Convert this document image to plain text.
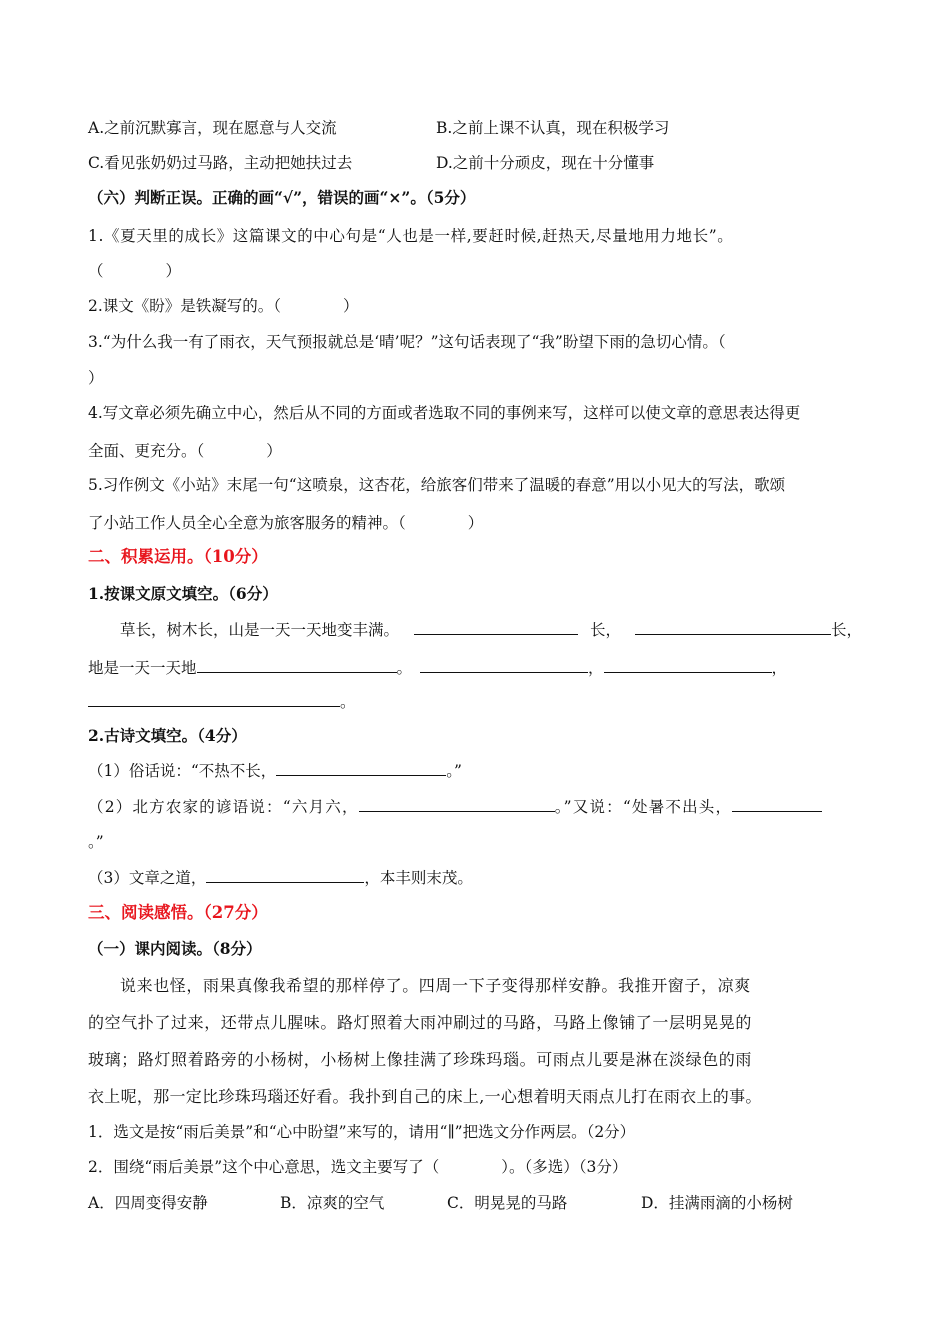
A.之前沉默寡言，现在愿意与人交流	B.之前上课不认真，现在积极学习
C.看见张奶奶过马路，主动把她扶过去	D.之前十分顽皮，现在十分懂事
（六）判断正误。正确的画“√”，错误的画“×”。（5分）
1.《夏天里的成长》这篇课文的中心句是“人也是一样,要赶时候,赶热天,尽量地用力地长”。
（　　　　）
2.课文《盼》是铁凝写的。（　　　　）
3.“为什么我一有了雨衣，天气预报就总是‘晴’呢？”这句话表现了“我”盼望下雨的急切心情。（
）
4.写文章必须先确立中心，然后从不同的方面或者选取不同的事例来写，这样可以使文章的意思表达得更
全面、更充分。（　　　　）
5.习作例文《小站》末尾一句“这喷泉，这杏花，给旅客们带来了温暖的春意”用以小见大的写法，歌颂
了小站工作人员全心全意为旅客服务的精神。（　　　　）
二、积累运用。（10分）
1.按课文原文填空。（6分）
草长，树木长，山是一天一天地变丰满。	长，	长，
地是一天一天地	。	，	，
。
2.古诗文填空。（4分）
（1）俗话说：“不热不长，	。”
（2）北方农家的谚语说：“六月六，	。”又说：“处暑不出头，
。”
（3）文章之道，	，本丰则末茂。
三、阅读感悟。（27分）
（一）课内阅读。（8分）
说来也怪，雨果真像我希望的那样停了。四周一下子变得那样安静。我推开窗子，凉爽
的空气扑了过来，还带点儿腥味。路灯照着大雨冲刷过的马路，马路上像铺了一层明晃晃的
玻璃；路灯照着路旁的小杨树，小杨树上像挂满了珍珠玛瑙。可雨点儿要是淋在淡绿色的雨
衣上呢，那一定比珍珠玛瑙还好看。我扑到自己的床上,一心想着明天雨点儿打在雨衣上的事。
1．选文是按“雨后美景”和“心中盼望”来写的，请用“∥”把选文分作两层。（2分）
2．围绕“雨后美景”这个中心意思，选文主要写了（　　　　）。（多选）（3分）
A．四周变得安静	B．凉爽的空气	C．明晃晃的马路	D．挂满雨滴的小杨树
